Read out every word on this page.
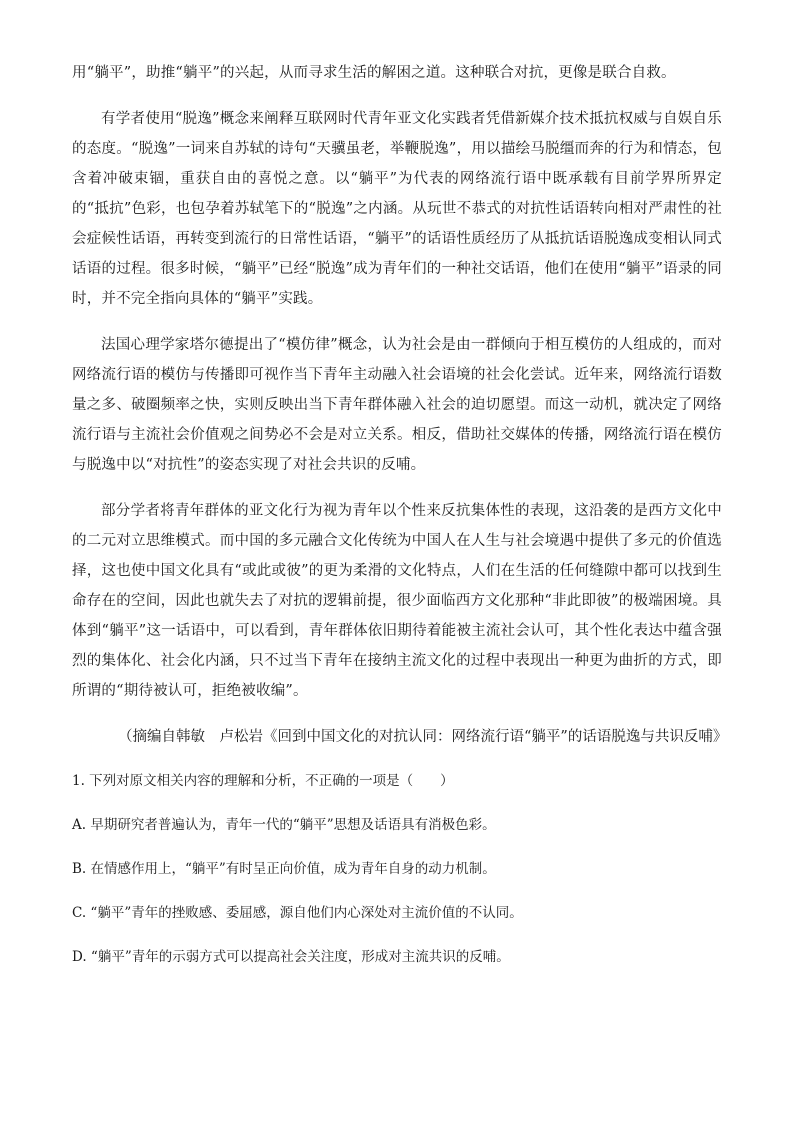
用“躺平”，助推“躺平”的兴起，从而寻求生活的解困之道。这种联合对抗，更像是联合自救。

有学者使用“脱逸”概念来阐释互联网时代青年亚文化实践者凭借新媒介技术抵抗权威与自娱自乐的态度。“脱逸”一词来自苏轼的诗句“天骥虽老，举鞭脱逸”，用以描绘马脱缰而奔的行为和情态，包含着冲破束锢，重获自由的喜悦之意。以“躺平”为代表的网络流行语中既承载有目前学界所界定的“抵抗”色彩，也包孕着苏轼笔下的“脱逸”之内涵。从玩世不恭式的对抗性话语转向相对严肃性的社会症候性话语，再转变到流行的日常性话语，“躺平”的话语性质经历了从抵抗话语脱逸成变相认同式话语的过程。很多时候，“躺平”已经“脱逸”成为青年们的一种社交话语，他们在使用“躺平”语录的同时，并不完全指向具体的“躺平”实践。

法国心理学家塔尔德提出了“模仿律”概念，认为社会是由一群倾向于相互模仿的人组成的，而对网络流行语的模仿与传播即可视作当下青年主动融入社会语境的社会化尝试。近年来，网络流行语数量之多、破圈频率之快，实则反映出当下青年群体融入社会的迫切愿望。而这一动机，就决定了网络流行语与主流社会价值观之间势必不会是对立关系。相反，借助社交媒体的传播，网络流行语在模仿与脱逸中以“对抗性”的姿态实现了对社会共识的反哺。

部分学者将青年群体的亚文化行为视为青年以个性来反抗集体性的表现，这沿袭的是西方文化中的二元对立思维模式。而中国的多元融合文化传统为中国人在人生与社会境遇中提供了多元的价值选择，这也使中国文化具有“或此或彼”的更为柔滑的文化特点，人们在生活的任何缝隙中都可以找到生命存在的空间，因此也就失去了对抗的逻辑前提，很少面临西方文化那种“非此即彼”的极端困境。具体到“躺平”这一话语中，可以看到，青年群体依旧期待着能被主流社会认可，其个性化表达中蕴含强烈的集体化、社会化内涵，只不过当下青年在接纳主流文化的过程中表现出一种更为曲折的方式，即所谓的“期待被认可，拒绝被收编”。

（摘编自韩敏　卢松岩《回到中国文化的对抗认同：网络流行语“躺平”的话语脱逸与共识反哺》

1. 下列对原文相关内容的理解和分析，不正确的一项是（　　）

A. 早期研究者普遍认为，青年一代的“躺平”思想及话语具有消极色彩。

B. 在情感作用上，“躺平”有时呈正向价值，成为青年自身的动力机制。

C. “躺平”青年的挫败感、委屈感，源自他们内心深处对主流价值的不认同。

D. “躺平”青年的示弱方式可以提高社会关注度，形成对主流共识的反哺。
